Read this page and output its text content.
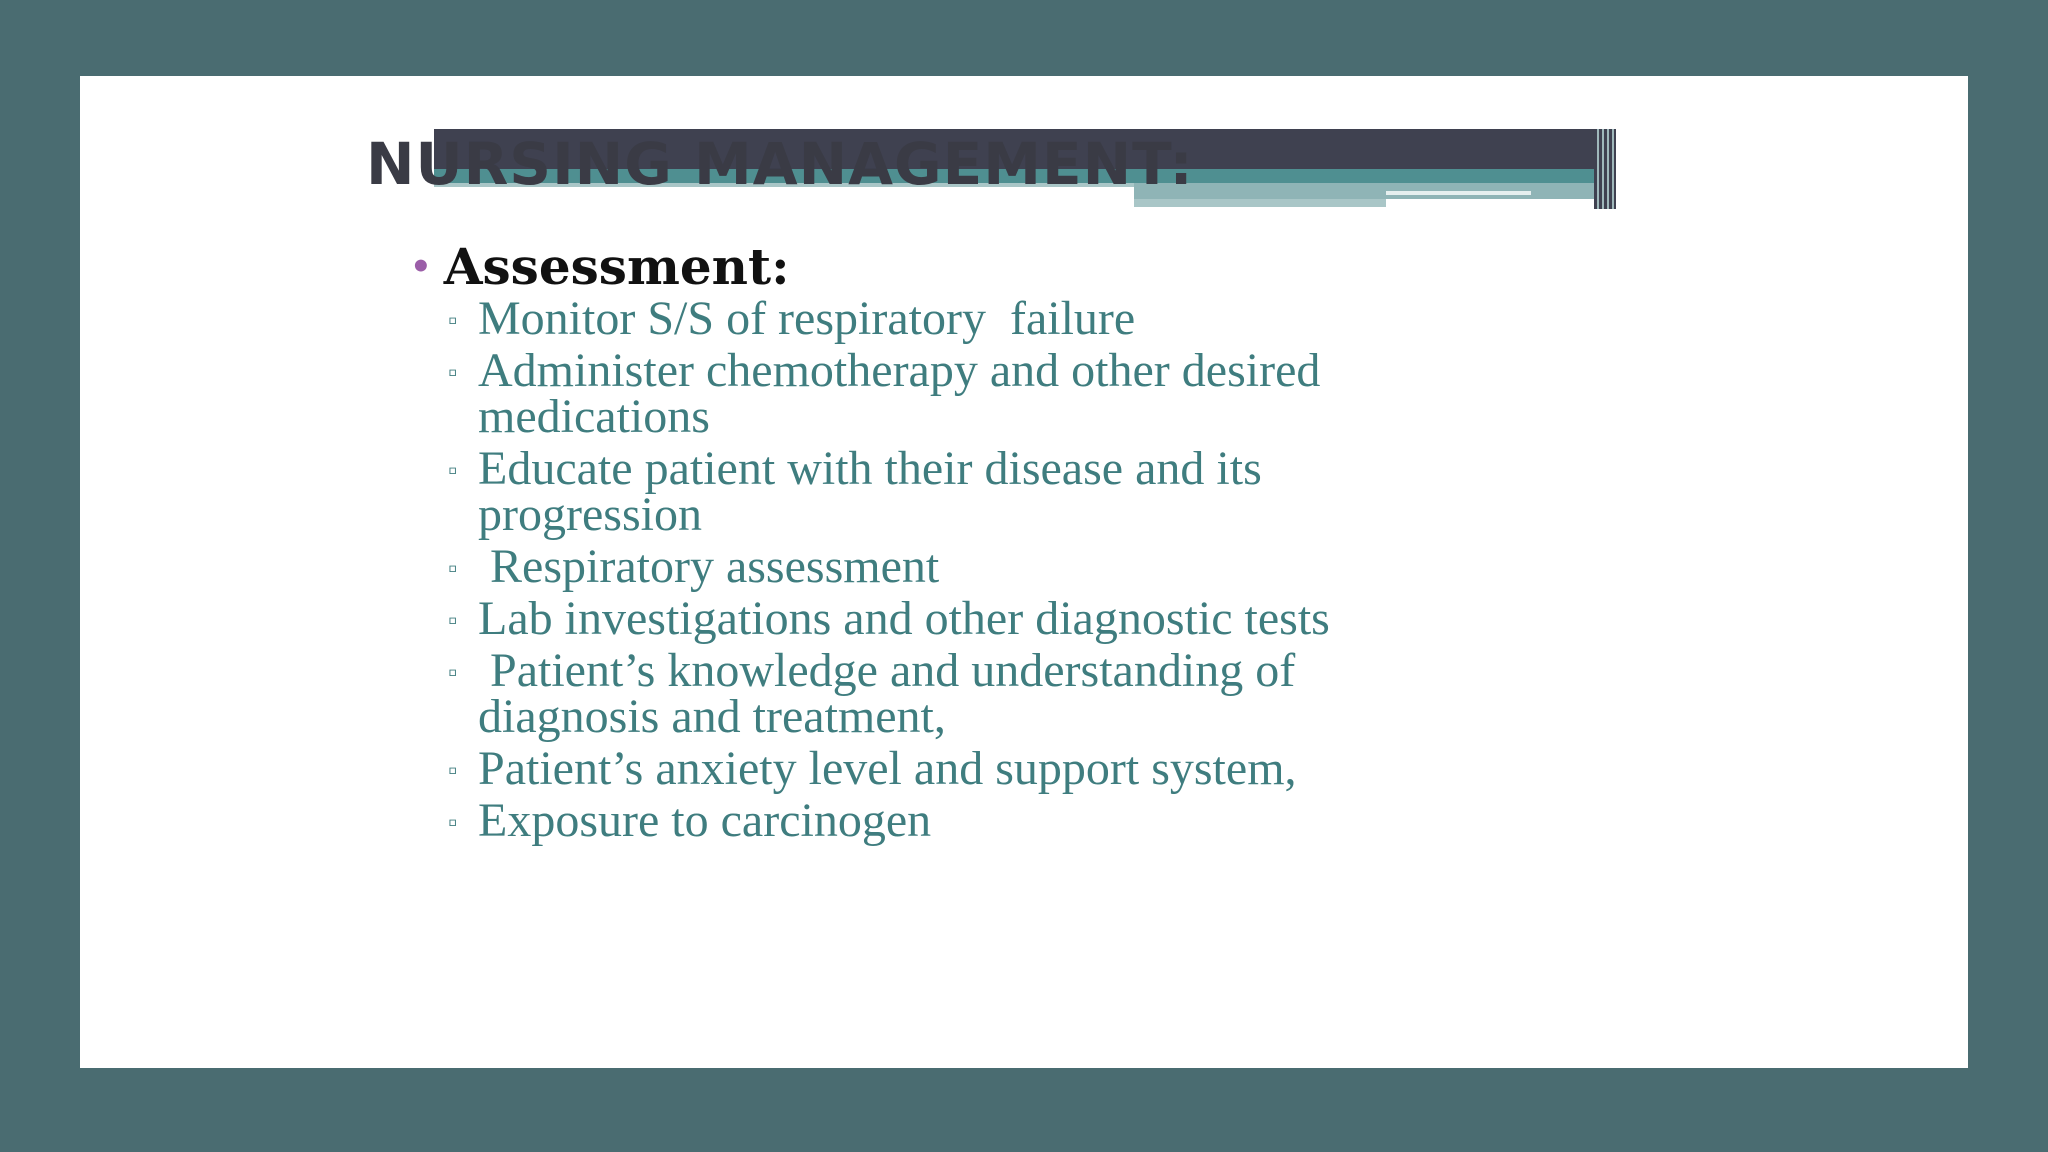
NURSING MANAGEMENT:
• Assessment:
▫ Monitor S/S of respiratory  failure
▫ Administer chemotherapy and other desired medications
▫ Educate patient with their disease and its progression
▫ Respiratory assessment
▫ Lab investigations and other diagnostic tests
▫ Patient’s knowledge and understanding of diagnosis and treatment,
▫ Patient’s anxiety level and support system,
▫ Exposure to carcinogen
